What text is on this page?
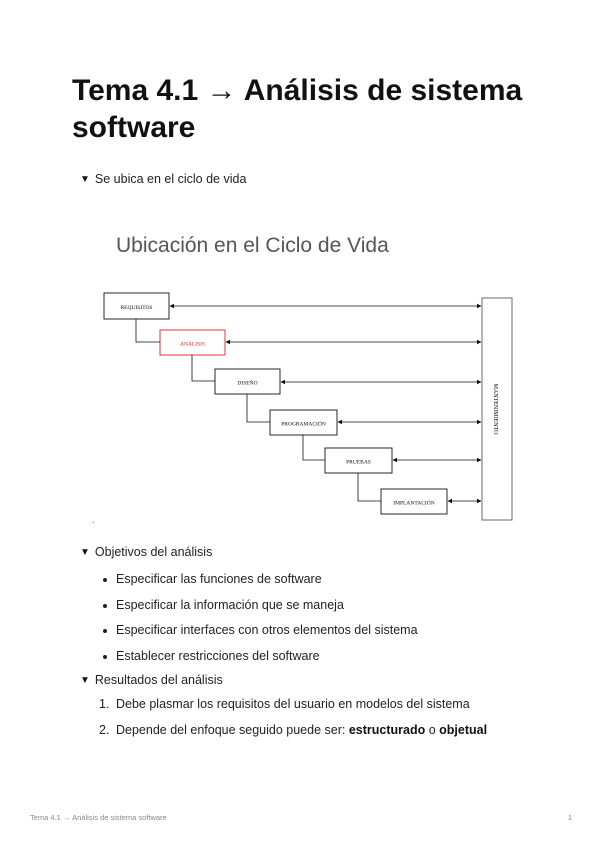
Tema 4.1 → Análisis de sistema software
▼ Se ubica en el ciclo de vida
Ubicación en el Ciclo de Vida
MANTENIMIENTO
REQUISITOS
ANÁLISIS
DISEÑO
PROGRAMACIÓN
PRUEBAS
IMPLANTACIÓN
`
▼ Objetivos del análisis
Especificar las funciones de software
Especificar la información que se maneja
Especificar interfaces con otros elementos del sistema
Establecer restricciones del software
▼ Resultados del análisis
1. Debe plasmar los requisitos del usuario en modelos del sistema
2. Depende del enfoque seguido puede ser: estructurado o objetual
Tema 4.1 → Análisis de sistema software	1
